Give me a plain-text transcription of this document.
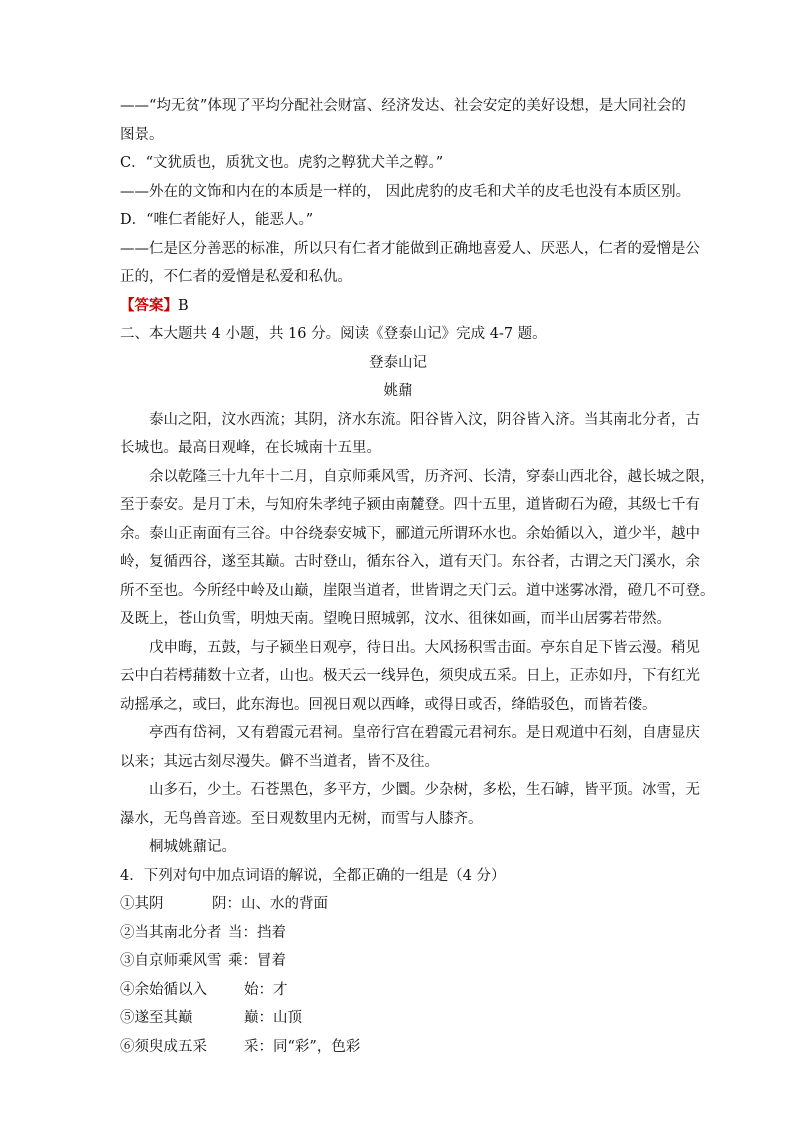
——“均无贫”体现了平均分配社会财富、经济发达、社会安定的美好设想，是大同社会的
图景。
C．“文犹质也，质犹文也。虎豹之鞟犹犬羊之鞟。”
——外在的文饰和内在的本质是一样的， 因此虎豹的皮毛和犬羊的皮毛也没有本质区别。
D．“唯仁者能好人，能恶人。”
——仁是区分善恶的标准，所以只有仁者才能做到正确地喜爱人、厌恶人，仁者的爱憎是公
正的，不仁者的爱憎是私爱和私仇。
【答案】B
二、本大题共 4 小题，共 16 分。阅读《登泰山记》完成 4-7 题。
登泰山记
姚鼐
泰山之阳，汶水西流；其阴，济水东流。阳谷皆入汶，阴谷皆入济。当其南北分者，古
长城也。最高日观峰，在长城南十五里。
余以乾隆三十九年十二月，自京师乘风雪，历齐河、长清，穿泰山西北谷，越长城之限，
至于泰安。是月丁未，与知府朱孝纯子颍由南麓登。四十五里，道皆砌石为磴，其级七千有
余。泰山正南面有三谷。中谷绕泰安城下，郦道元所谓环水也。余始循以入，道少半，越中
岭，复循西谷，遂至其巅。古时登山，循东谷入，道有天门。东谷者，古谓之天门溪水，余
所不至也。今所经中岭及山巅，崖限当道者，世皆谓之天门云。道中迷雾冰滑，磴几不可登。
及既上，苍山负雪，明烛天南。望晚日照城郭，汶水、徂徕如画，而半山居雾若带然。
戊申晦，五鼓，与子颍坐日观亭，待日出。大风扬积雪击面。亭东自足下皆云漫。稍见
云中白若樗蒱数十立者，山也。极天云一线异色，须臾成五采。日上，正赤如丹，下有红光
动摇承之，或曰，此东海也。回视日观以西峰，或得日或否，绛皓驳色，而皆若偻。
亭西有岱祠，又有碧霞元君祠。皇帝行宫在碧霞元君祠东。是日观道中石刻，自唐显庆
以来；其远古刻尽漫失。僻不当道者，皆不及往。
山多石，少土。石苍黑色，多平方，少圜。少杂树，多松，生石罅，皆平顶。冰雪，无
瀑水，无鸟兽音迹。至日观数里内无树，而雪与人膝齐。
桐城姚鼐记。
4．下列对句中加点词语的解说，全都正确的一组是（4 分）
①其阴	阴：山、水的背面
②当其南北分者 当：挡着
③自京师乘风雪 乘：冒着
④余始循以入	始：才
⑤遂至其巅	巅：山顶
⑥须臾成五采	采：同“彩”，色彩
